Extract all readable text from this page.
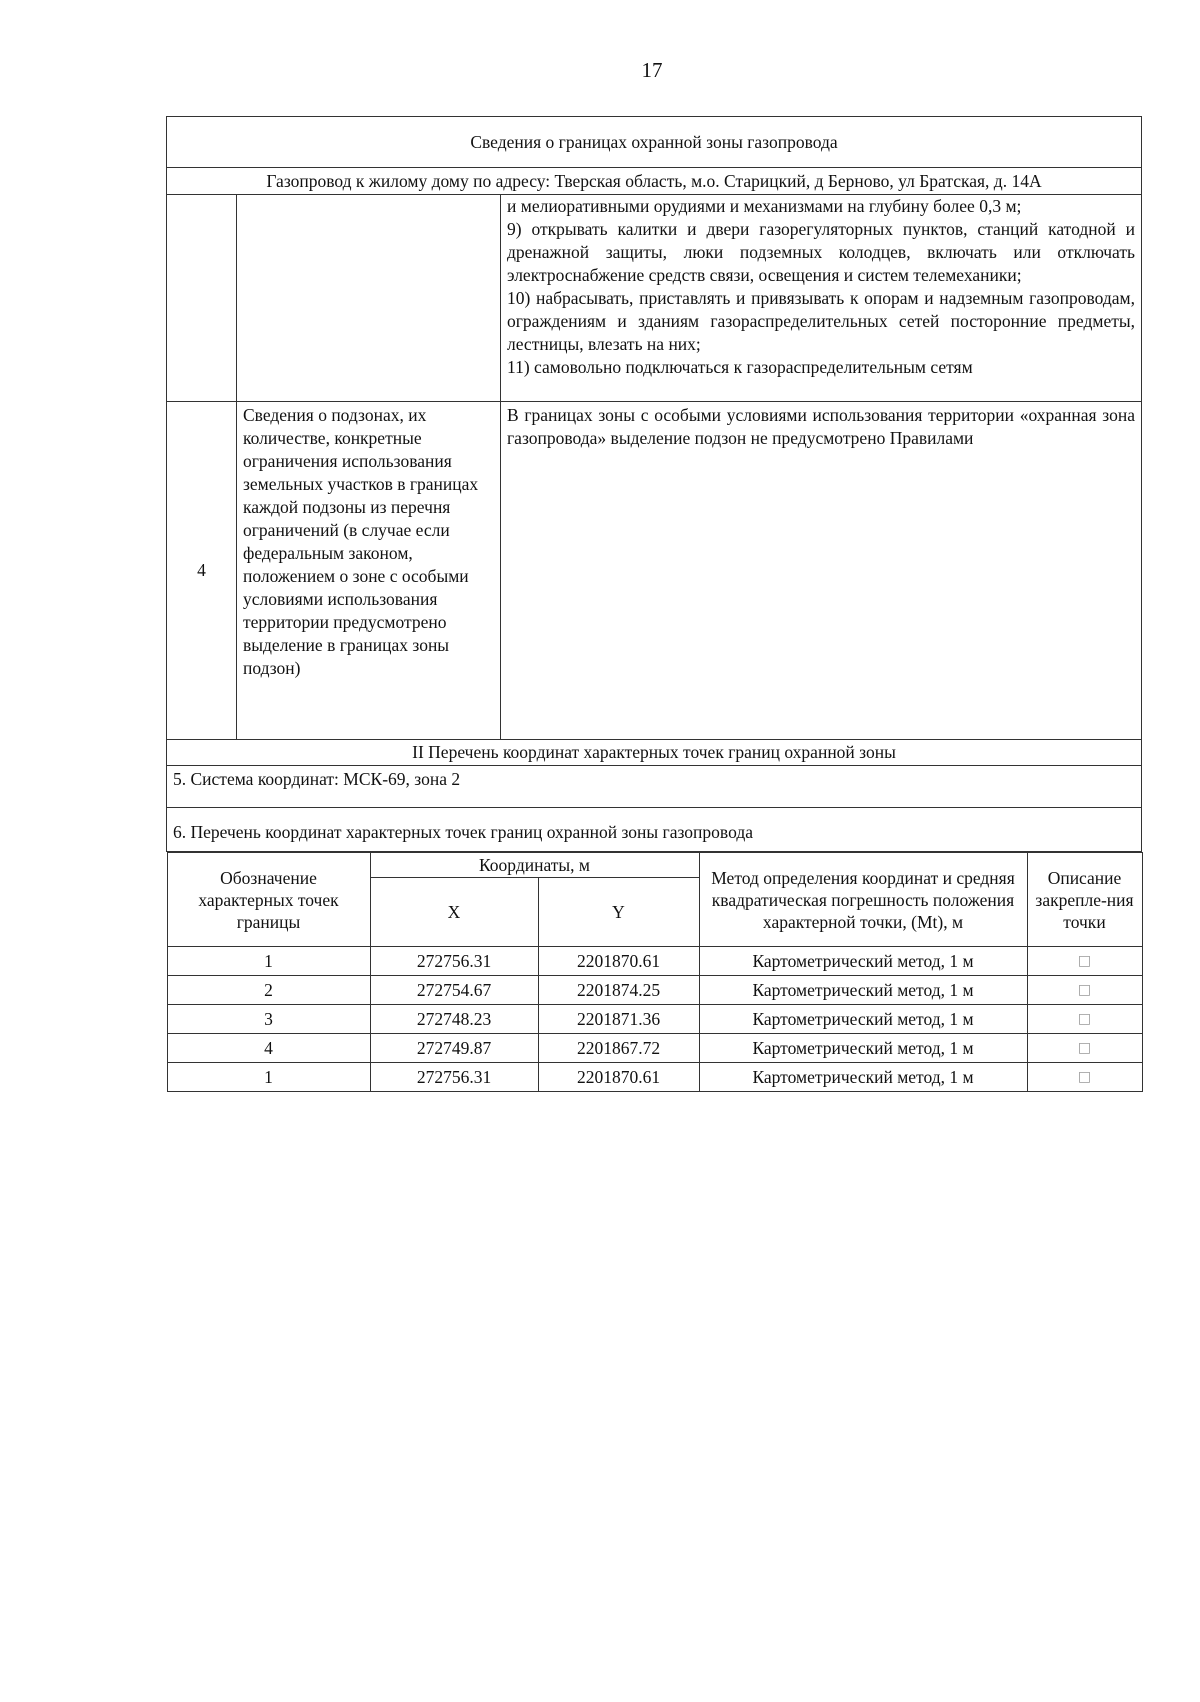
17
Сведения о границах охранной зоны газопровода
Газопровод к жилому дому по адресу: Тверская область, м.о. Старицкий, д Берново, ул Братская, д. 14А

и мелиоративными орудиями и механизмами на глубину более 0,3 м;

9) открывать калитки и двери газорегуляторных пунктов, станций катодной и дренажной защиты, люки подземных колодцев, включать или отключать электроснабжение средств связи, освещения и систем телемеханики;

10) набрасывать, приставлять и привязывать к опорам и надземным газопроводам, ограждениям и зданиям газораспределительных сетей посторонние предметы, лестницы, влезать на них;

11) самовольно подключаться к газораспределительным сетям

4	Сведения о подзонах, их количестве, конкретные ограничения использования земельных участков в границах каждой подзоны из перечня ограничений (в случае если федеральным законом, положением о зоне с особыми условиями использования территории предусмотрено выделение в границах зоны подзон)	В границах зоны с особыми условиями использования территории «охранная зона газопровода» выделение подзон не предусмотрено Правилами
II Перечень координат характерных точек границ охранной зоны
5. Система координат: МСК-69, зона 2
6. Перечень координат характерных точек границ охранной зоны газопровода

Обозначение характерных точек границы	Координаты, м	Метод определения координат и средняя квадратическая погрешность положения характерной точки, (Мt), м	Описание закрепле-ния точки
X	Y
1	272756.31	2201870.61	Картометрический метод, 1 м	□
2	272754.67	2201874.25	Картометрический метод, 1 м	□
3	272748.23	2201871.36	Картометрический метод, 1 м	□
4	272749.87	2201867.72	Картометрический метод, 1 м	□
1	272756.31	2201870.61	Картометрический метод, 1 м	□
